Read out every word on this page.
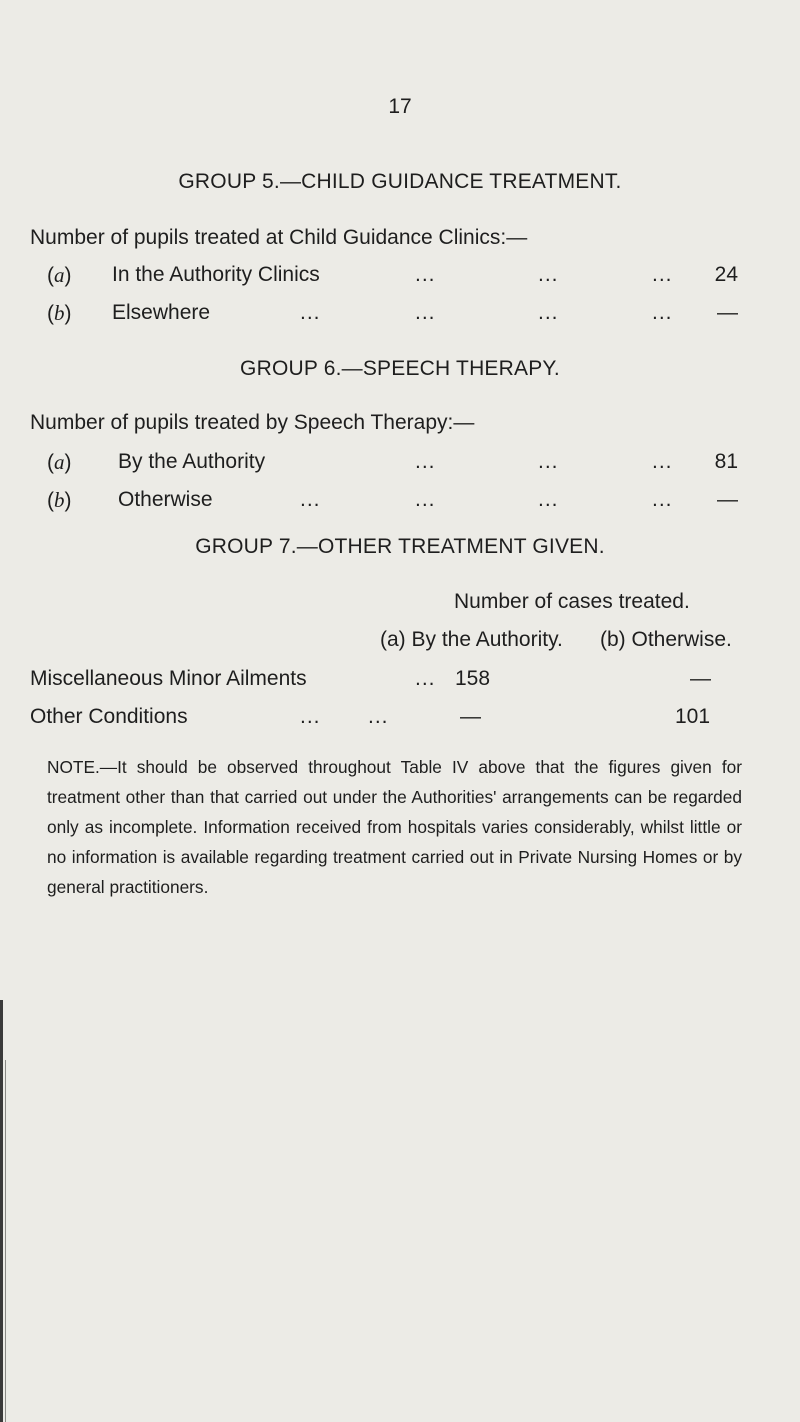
17
GROUP 5.—CHILD GUIDANCE TREATMENT.
Number of pupils treated at Child Guidance Clinics:—
(a) In the Authority Clinics	...	...	...	24
(b) Elsewhere	...	...	...	...	—
GROUP 6.—SPEECH THERAPY.
Number of pupils treated by Speech Therapy:—
(a) By the Authority	...	...	...	81
(b) Otherwise	...	...	...	...	—
GROUP 7.—OTHER TREATMENT GIVEN.
Number of cases treated.
(a) By the Authority. (b) Otherwise.
Miscellaneous Minor Ailments	... 158	—
Other Conditions	... ...	—	101
NOTE.—It should be observed throughout Table IV above that the figures given for treatment other than that carried out under the Authorities' arrangements can be regarded only as incomplete. Information received from hospitals varies considerably, whilst little or no information is available regarding treatment carried out in Private Nursing Homes or by general practitioners.
